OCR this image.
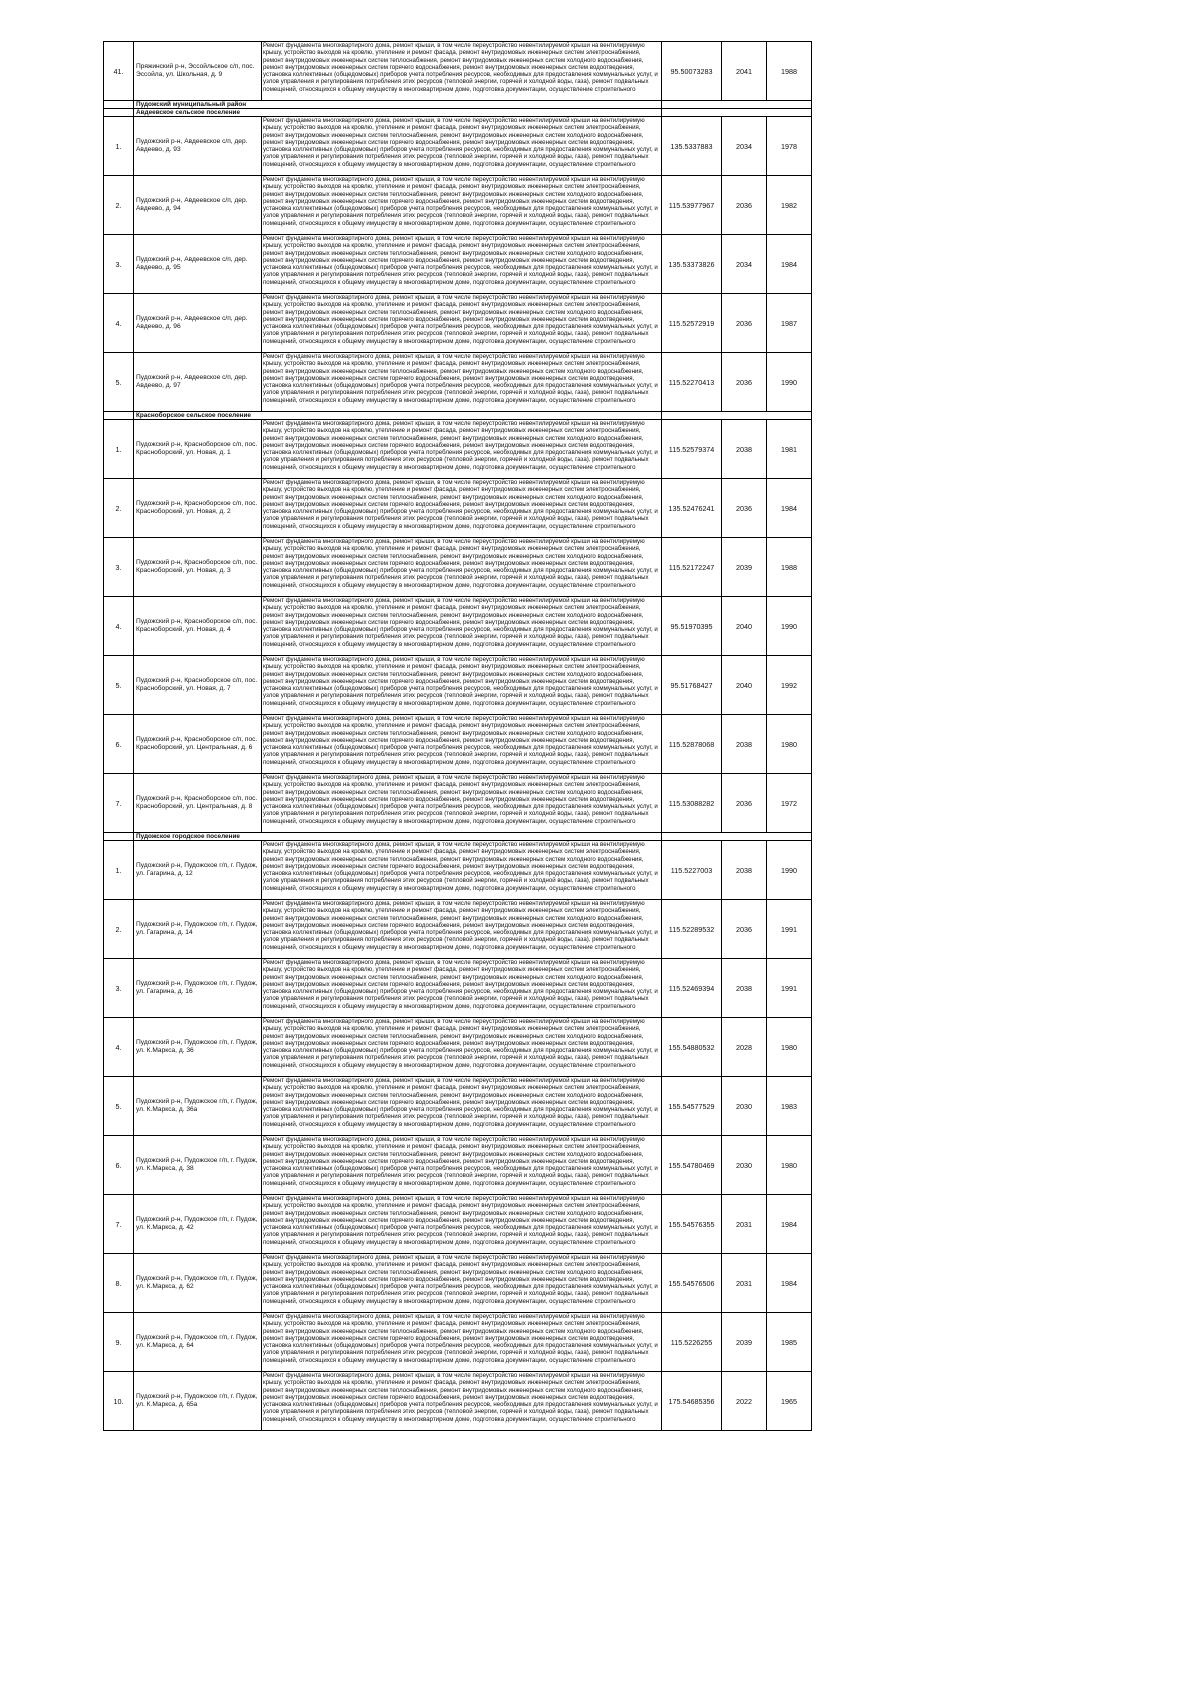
41.	Пряжинский р-н, Эссойльское с/п, пос. Эссойла, ул. Школьная, д. 9	Ремонт фундамента многоквартирного дома, ремонт крыши, в том числе переустройство невентилируемой крыши на вентилируемую крышу, устройство выходов на кровлю, утепление и ремонт фасада, ремонт внутридомовых инженерных систем электроснабжения, ремонт внутридомовых инженерных систем теплоснабжения, ремонт внутридомовых инженерных систем холодного водоснабжения, ремонт внутридомовых инженерных систем горячего водоснабжения, ремонт внутридомовых инженерных систем водоотведения, установка коллективных (общедомовых) приборов учета потребления ресурсов, необходимых для предоставления коммунальных услуг, и узлов управления и регулирования потребления этих ресурсов (тепловой энергии, горячей и холодной воды, газа), ремонт подвальных помещений, относящихся к общему имуществу в многоквартирном доме, подготовка документации, осуществление строительного	95.50073283	2041	1988
	Пудожский муниципальный район				
	Авдеевское сельское поселение				
1.	Пудожский р-н, Авдеевское с/п, дер. Авдеево, д. 93	Ремонт фундамента многоквартирного дома, ремонт крыши, в том числе переустройство невентилируемой крыши на вентилируемую крышу, устройство выходов на кровлю, утепление и ремонт фасада, ремонт внутридомовых инженерных систем электроснабжения, ремонт внутридомовых инженерных систем теплоснабжения, ремонт внутридомовых инженерных систем холодного водоснабжения, ремонт внутридомовых инженерных систем горячего водоснабжения, ремонт внутридомовых инженерных систем водоотведения, установка коллективных (общедомовых) приборов учета потребления ресурсов, необходимых для предоставления коммунальных услуг, и узлов управления и регулирования потребления этих ресурсов (тепловой энергии, горячей и холодной воды, газа), ремонт подвальных помещений, относящихся к общему имуществу в многоквартирном доме, подготовка документации, осуществление строительного	135.5337883	2034	1978
2.	Пудожский р-н, Авдеевское с/п, дер. Авдеево, д. 94	Ремонт фундамента многоквартирного дома, ремонт крыши, в том числе переустройство невентилируемой крыши на вентилируемую крышу, устройство выходов на кровлю, утепление и ремонт фасада, ремонт внутридомовых инженерных систем электроснабжения, ремонт внутридомовых инженерных систем теплоснабжения, ремонт внутридомовых инженерных систем холодного водоснабжения, ремонт внутридомовых инженерных систем горячего водоснабжения, ремонт внутридомовых инженерных систем водоотведения, установка коллективных (общедомовых) приборов учета потребления ресурсов, необходимых для предоставления коммунальных услуг, и узлов управления и регулирования потребления этих ресурсов (тепловой энергии, горячей и холодной воды, газа), ремонт подвальных помещений, относящихся к общему имуществу в многоквартирном доме, подготовка документации, осуществление строительного	115.53977967	2036	1982
3.	Пудожский р-н, Авдеевское с/п, дер. Авдеево, д. 95	Ремонт фундамента многоквартирного дома, ремонт крыши, в том числе переустройство невентилируемой крыши на вентилируемую крышу, устройство выходов на кровлю, утепление и ремонт фасада, ремонт внутридомовых инженерных систем электроснабжения, ремонт внутридомовых инженерных систем теплоснабжения, ремонт внутридомовых инженерных систем холодного водоснабжения, ремонт внутридомовых инженерных систем горячего водоснабжения, ремонт внутридомовых инженерных систем водоотведения, установка коллективных (общедомовых) приборов учета потребления ресурсов, необходимых для предоставления коммунальных услуг, и узлов управления и регулирования потребления этих ресурсов (тепловой энергии, горячей и холодной воды, газа), ремонт подвальных помещений, относящихся к общему имуществу в многоквартирном доме, подготовка документации, осуществление строительного	135.53373826	2034	1984
4.	Пудожский р-н, Авдеевское с/п, дер. Авдеево, д. 96	Ремонт фундамента многоквартирного дома, ремонт крыши, в том числе переустройство невентилируемой крыши на вентилируемую крышу, устройство выходов на кровлю, утепление и ремонт фасада, ремонт внутридомовых инженерных систем электроснабжения, ремонт внутридомовых инженерных систем теплоснабжения, ремонт внутридомовых инженерных систем холодного водоснабжения, ремонт внутридомовых инженерных систем горячего водоснабжения, ремонт внутридомовых инженерных систем водоотведения, установка коллективных (общедомовых) приборов учета потребления ресурсов, необходимых для предоставления коммунальных услуг, и узлов управления и регулирования потребления этих ресурсов (тепловой энергии, горячей и холодной воды, газа), ремонт подвальных помещений, относящихся к общему имуществу в многоквартирном доме, подготовка документации, осуществление строительного	115.52572919	2036	1987
5.	Пудожский р-н, Авдеевское с/п, дер. Авдеево, д. 97	Ремонт фундамента многоквартирного дома, ремонт крыши, в том числе переустройство невентилируемой крыши на вентилируемую крышу, устройство выходов на кровлю, утепление и ремонт фасада, ремонт внутридомовых инженерных систем электроснабжения, ремонт внутридомовых инженерных систем теплоснабжения, ремонт внутридомовых инженерных систем холодного водоснабжения, ремонт внутридомовых инженерных систем горячего водоснабжения, ремонт внутридомовых инженерных систем водоотведения, установка коллективных (общедомовых) приборов учета потребления ресурсов, необходимых для предоставления коммунальных услуг, и узлов управления и регулирования потребления этих ресурсов (тепловой энергии, горячей и холодной воды, газа), ремонт подвальных помещений, относящихся к общему имуществу в многоквартирном доме, подготовка документации, осуществление строительного	115.52270413	2036	1990
	Красноборское сельское поселение				
1.	Пудожский р-н, Красноборское с/п, пос. Красноборский, ул. Новая, д. 1	Ремонт фундамента многоквартирного дома, ремонт крыши, в том числе переустройство невентилируемой крыши на вентилируемую крышу, устройство выходов на кровлю, утепление и ремонт фасада, ремонт внутридомовых инженерных систем электроснабжения, ремонт внутридомовых инженерных систем теплоснабжения, ремонт внутридомовых инженерных систем холодного водоснабжения, ремонт внутридомовых инженерных систем горячего водоснабжения, ремонт внутридомовых инженерных систем водоотведения, установка коллективных (общедомовых) приборов учета потребления ресурсов, необходимых для предоставления коммунальных услуг, и узлов управления и регулирования потребления этих ресурсов (тепловой энергии, горячей и холодной воды, газа), ремонт подвальных помещений, относящихся к общему имуществу в многоквартирном доме, подготовка документации, осуществление строительного	115.52579374	2038	1981
2.	Пудожский р-н, Красноборское с/п, пос. Красноборский, ул. Новая, д. 2	Ремонт фундамента многоквартирного дома, ремонт крыши, в том числе переустройство невентилируемой крыши на вентилируемую крышу, устройство выходов на кровлю, утепление и ремонт фасада, ремонт внутридомовых инженерных систем электроснабжения, ремонт внутридомовых инженерных систем теплоснабжения, ремонт внутридомовых инженерных систем холодного водоснабжения, ремонт внутридомовых инженерных систем горячего водоснабжения, ремонт внутридомовых инженерных систем водоотведения, установка коллективных (общедомовых) приборов учета потребления ресурсов, необходимых для предоставления коммунальных услуг, и узлов управления и регулирования потребления этих ресурсов (тепловой энергии, горячей и холодной воды, газа), ремонт подвальных помещений, относящихся к общему имуществу в многоквартирном доме, подготовка документации, осуществление строительного	135.52476241	2036	1984
3.	Пудожский р-н, Красноборское с/п, пос. Красноборский, ул. Новая, д. 3	Ремонт фундамента многоквартирного дома, ремонт крыши, в том числе переустройство невентилируемой крыши на вентилируемую крышу, устройство выходов на кровлю, утепление и ремонт фасада, ремонт внутридомовых инженерных систем электроснабжения, ремонт внутридомовых инженерных систем теплоснабжения, ремонт внутридомовых инженерных систем холодного водоснабжения, ремонт внутридомовых инженерных систем горячего водоснабжения, ремонт внутридомовых инженерных систем водоотведения, установка коллективных (общедомовых) приборов учета потребления ресурсов, необходимых для предоставления коммунальных услуг, и узлов управления и регулирования потребления этих ресурсов (тепловой энергии, горячей и холодной воды, газа), ремонт подвальных помещений, относящихся к общему имуществу в многоквартирном доме, подготовка документации, осуществление строительного	115.52172247	2039	1988
4.	Пудожский р-н, Красноборское с/п, пос. Красноборский, ул. Новая, д. 4	Ремонт фундамента многоквартирного дома, ремонт крыши, в том числе переустройство невентилируемой крыши на вентилируемую крышу, устройство выходов на кровлю, утепление и ремонт фасада, ремонт внутридомовых инженерных систем электроснабжения, ремонт внутридомовых инженерных систем теплоснабжения, ремонт внутридомовых инженерных систем холодного водоснабжения, ремонт внутридомовых инженерных систем горячего водоснабжения, ремонт внутридомовых инженерных систем водоотведения, установка коллективных (общедомовых) приборов учета потребления ресурсов, необходимых для предоставления коммунальных услуг, и узлов управления и регулирования потребления этих ресурсов (тепловой энергии, горячей и холодной воды, газа), ремонт подвальных помещений, относящихся к общему имуществу в многоквартирном доме, подготовка документации, осуществление строительного	95.51970395	2040	1990
5.	Пудожский р-н, Красноборское с/п, пос. Красноборский, ул. Новая, д. 7	Ремонт фундамента многоквартирного дома, ремонт крыши, в том числе переустройство невентилируемой крыши на вентилируемую крышу, устройство выходов на кровлю, утепление и ремонт фасада, ремонт внутридомовых инженерных систем электроснабжения, ремонт внутридомовых инженерных систем теплоснабжения, ремонт внутридомовых инженерных систем холодного водоснабжения, ремонт внутридомовых инженерных систем горячего водоснабжения, ремонт внутридомовых инженерных систем водоотведения, установка коллективных (общедомовых) приборов учета потребления ресурсов, необходимых для предоставления коммунальных услуг, и узлов управления и регулирования потребления этих ресурсов (тепловой энергии, горячей и холодной воды, газа), ремонт подвальных помещений, относящихся к общему имуществу в многоквартирном доме, подготовка документации, осуществление строительного	95.51768427	2040	1992
6.	Пудожский р-н, Красноборское с/п, пос. Красноборский, ул. Центральная, д. 6	Ремонт фундамента многоквартирного дома, ремонт крыши, в том числе переустройство невентилируемой крыши на вентилируемую крышу, устройство выходов на кровлю, утепление и ремонт фасада, ремонт внутридомовых инженерных систем электроснабжения, ремонт внутридомовых инженерных систем теплоснабжения, ремонт внутридомовых инженерных систем холодного водоснабжения, ремонт внутридомовых инженерных систем горячего водоснабжения, ремонт внутридомовых инженерных систем водоотведения, установка коллективных (общедомовых) приборов учета потребления ресурсов, необходимых для предоставления коммунальных услуг, и узлов управления и регулирования потребления этих ресурсов (тепловой энергии, горячей и холодной воды, газа), ремонт подвальных помещений, относящихся к общему имуществу в многоквартирном доме, подготовка документации, осуществление строительного	115.52878068	2038	1980
7.	Пудожский р-н, Красноборское с/п, пос. Красноборский, ул. Центральная, д. 8	Ремонт фундамента многоквартирного дома, ремонт крыши, в том числе переустройство невентилируемой крыши на вентилируемую крышу, устройство выходов на кровлю, утепление и ремонт фасада, ремонт внутридомовых инженерных систем электроснабжения, ремонт внутридомовых инженерных систем теплоснабжения, ремонт внутридомовых инженерных систем холодного водоснабжения, ремонт внутридомовых инженерных систем горячего водоснабжения, ремонт внутридомовых инженерных систем водоотведения, установка коллективных (общедомовых) приборов учета потребления ресурсов, необходимых для предоставления коммунальных услуг, и узлов управления и регулирования потребления этих ресурсов (тепловой энергии, горячей и холодной воды, газа), ремонт подвальных помещений, относящихся к общему имуществу в многоквартирном доме, подготовка документации, осуществление строительного	115.53088282	2036	1972
	Пудожское городское поселение				
1.	Пудожский р-н, Пудожское г/п, г. Пудож, ул. Гагарина, д. 12	Ремонт фундамента многоквартирного дома, ремонт крыши, в том числе переустройство невентилируемой крыши на вентилируемую крышу, устройство выходов на кровлю, утепление и ремонт фасада, ремонт внутридомовых инженерных систем электроснабжения, ремонт внутридомовых инженерных систем теплоснабжения, ремонт внутридомовых инженерных систем холодного водоснабжения, ремонт внутридомовых инженерных систем горячего водоснабжения, ремонт внутридомовых инженерных систем водоотведения, установка коллективных (общедомовых) приборов учета потребления ресурсов, необходимых для предоставления коммунальных услуг, и узлов управления и регулирования потребления этих ресурсов (тепловой энергии, горячей и холодной воды, газа), ремонт подвальных помещений, относящихся к общему имуществу в многоквартирном доме, подготовка документации, осуществление строительного	115.5227003	2038	1990
2.	Пудожский р-н, Пудожское г/п, г. Пудож, ул. Гагарина, д. 14	Ремонт фундамента многоквартирного дома, ремонт крыши, в том числе переустройство невентилируемой крыши на вентилируемую крышу, устройство выходов на кровлю, утепление и ремонт фасада, ремонт внутридомовых инженерных систем электроснабжения, ремонт внутридомовых инженерных систем теплоснабжения, ремонт внутридомовых инженерных систем холодного водоснабжения, ремонт внутридомовых инженерных систем горячего водоснабжения, ремонт внутридомовых инженерных систем водоотведения, установка коллективных (общедомовых) приборов учета потребления ресурсов, необходимых для предоставления коммунальных услуг, и узлов управления и регулирования потребления этих ресурсов (тепловой энергии, горячей и холодной воды, газа), ремонт подвальных помещений, относящихся к общему имуществу в многоквартирном доме, подготовка документации, осуществление строительного	115.52289532	2036	1991
3.	Пудожский р-н, Пудожское г/п, г. Пудож, ул. Гагарина, д. 16	Ремонт фундамента многоквартирного дома, ремонт крыши, в том числе переустройство невентилируемой крыши на вентилируемую крышу, устройство выходов на кровлю, утепление и ремонт фасада, ремонт внутридомовых инженерных систем электроснабжения, ремонт внутридомовых инженерных систем теплоснабжения, ремонт внутридомовых инженерных систем холодного водоснабжения, ремонт внутридомовых инженерных систем горячего водоснабжения, ремонт внутридомовых инженерных систем водоотведения, установка коллективных (общедомовых) приборов учета потребления ресурсов, необходимых для предоставления коммунальных услуг, и узлов управления и регулирования потребления этих ресурсов (тепловой энергии, горячей и холодной воды, газа), ремонт подвальных помещений, относящихся к общему имуществу в многоквартирном доме, подготовка документации, осуществление строительного	115.52469394	2038	1991
4.	Пудожский р-н, Пудожское г/п, г. Пудож, ул. К.Маркса, д. 36	Ремонт фундамента многоквартирного дома, ремонт крыши, в том числе переустройство невентилируемой крыши на вентилируемую крышу, устройство выходов на кровлю, утепление и ремонт фасада, ремонт внутридомовых инженерных систем электроснабжения, ремонт внутридомовых инженерных систем теплоснабжения, ремонт внутридомовых инженерных систем холодного водоснабжения, ремонт внутридомовых инженерных систем горячего водоснабжения, ремонт внутридомовых инженерных систем водоотведения, установка коллективных (общедомовых) приборов учета потребления ресурсов, необходимых для предоставления коммунальных услуг, и узлов управления и регулирования потребления этих ресурсов (тепловой энергии, горячей и холодной воды, газа), ремонт подвальных помещений, относящихся к общему имуществу в многоквартирном доме, подготовка документации, осуществление строительного	155.54880532	2028	1980
5.	Пудожский р-н, Пудожское г/п, г. Пудож, ул. К.Маркса, д. 36а	Ремонт фундамента многоквартирного дома, ремонт крыши, в том числе переустройство невентилируемой крыши на вентилируемую крышу, устройство выходов на кровлю, утепление и ремонт фасада, ремонт внутридомовых инженерных систем электроснабжения, ремонт внутридомовых инженерных систем теплоснабжения, ремонт внутридомовых инженерных систем холодного водоснабжения, ремонт внутридомовых инженерных систем горячего водоснабжения, ремонт внутридомовых инженерных систем водоотведения, установка коллективных (общедомовых) приборов учета потребления ресурсов, необходимых для предоставления коммунальных услуг, и узлов управления и регулирования потребления этих ресурсов (тепловой энергии, горячей и холодной воды, газа), ремонт подвальных помещений, относящихся к общему имуществу в многоквартирном доме, подготовка документации, осуществление строительного	155.54577529	2030	1983
6.	Пудожский р-н, Пудожское г/п, г. Пудож, ул. К.Маркса, д. 38	Ремонт фундамента многоквартирного дома, ремонт крыши, в том числе переустройство невентилируемой крыши на вентилируемую крышу, устройство выходов на кровлю, утепление и ремонт фасада, ремонт внутридомовых инженерных систем электроснабжения, ремонт внутридомовых инженерных систем теплоснабжения, ремонт внутридомовых инженерных систем холодного водоснабжения, ремонт внутридомовых инженерных систем горячего водоснабжения, ремонт внутридомовых инженерных систем водоотведения, установка коллективных (общедомовых) приборов учета потребления ресурсов, необходимых для предоставления коммунальных услуг, и узлов управления и регулирования потребления этих ресурсов (тепловой энергии, горячей и холодной воды, газа), ремонт подвальных помещений, относящихся к общему имуществу в многоквартирном доме, подготовка документации, осуществление строительного	155.54780469	2030	1980
7.	Пудожский р-н, Пудожское г/п, г. Пудож, ул. К.Маркса, д. 42	Ремонт фундамента многоквартирного дома, ремонт крыши, в том числе переустройство невентилируемой крыши на вентилируемую крышу, устройство выходов на кровлю, утепление и ремонт фасада, ремонт внутридомовых инженерных систем электроснабжения, ремонт внутридомовых инженерных систем теплоснабжения, ремонт внутридомовых инженерных систем холодного водоснабжения, ремонт внутридомовых инженерных систем горячего водоснабжения, ремонт внутридомовых инженерных систем водоотведения, установка коллективных (общедомовых) приборов учета потребления ресурсов, необходимых для предоставления коммунальных услуг, и узлов управления и регулирования потребления этих ресурсов (тепловой энергии, горячей и холодной воды, газа), ремонт подвальных помещений, относящихся к общему имуществу в многоквартирном доме, подготовка документации, осуществление строительного	155.54576355	2031	1984
8.	Пудожский р-н, Пудожское г/п, г. Пудож, ул. К.Маркса, д. 62	Ремонт фундамента многоквартирного дома, ремонт крыши, в том числе переустройство невентилируемой крыши на вентилируемую крышу, устройство выходов на кровлю, утепление и ремонт фасада, ремонт внутридомовых инженерных систем электроснабжения, ремонт внутридомовых инженерных систем теплоснабжения, ремонт внутридомовых инженерных систем холодного водоснабжения, ремонт внутридомовых инженерных систем горячего водоснабжения, ремонт внутридомовых инженерных систем водоотведения, установка коллективных (общедомовых) приборов учета потребления ресурсов, необходимых для предоставления коммунальных услуг, и узлов управления и регулирования потребления этих ресурсов (тепловой энергии, горячей и холодной воды, газа), ремонт подвальных помещений, относящихся к общему имуществу в многоквартирном доме, подготовка документации, осуществление строительного	155.54576506	2031	1984
9.	Пудожский р-н, Пудожское г/п, г. Пудож, ул. К.Маркса, д. 64	Ремонт фундамента многоквартирного дома, ремонт крыши, в том числе переустройство невентилируемой крыши на вентилируемую крышу, устройство выходов на кровлю, утепление и ремонт фасада, ремонт внутридомовых инженерных систем электроснабжения, ремонт внутридомовых инженерных систем теплоснабжения, ремонт внутридомовых инженерных систем холодного водоснабжения, ремонт внутридомовых инженерных систем горячего водоснабжения, ремонт внутридомовых инженерных систем водоотведения, установка коллективных (общедомовых) приборов учета потребления ресурсов, необходимых для предоставления коммунальных услуг, и узлов управления и регулирования потребления этих ресурсов (тепловой энергии, горячей и холодной воды, газа), ремонт подвальных помещений, относящихся к общему имуществу в многоквартирном доме, подготовка документации, осуществление строительного	115.5226255	2039	1985
10.	Пудожский р-н, Пудожское г/п, г. Пудож, ул. К.Маркса, д. 65а	Ремонт фундамента многоквартирного дома, ремонт крыши, в том числе переустройство невентилируемой крыши на вентилируемую крышу, устройство выходов на кровлю, утепление и ремонт фасада, ремонт внутридомовых инженерных систем электроснабжения, ремонт внутридомовых инженерных систем теплоснабжения, ремонт внутридомовых инженерных систем холодного водоснабжения, ремонт внутридомовых инженерных систем горячего водоснабжения, ремонт внутридомовых инженерных систем водоотведения, установка коллективных (общедомовых) приборов учета потребления ресурсов, необходимых для предоставления коммунальных услуг, и узлов управления и регулирования потребления этих ресурсов (тепловой энергии, горячей и холодной воды, газа), ремонт подвальных помещений, относящихся к общему имуществу в многоквартирном доме, подготовка документации, осуществление строительного	175.54685356	2022	1965
